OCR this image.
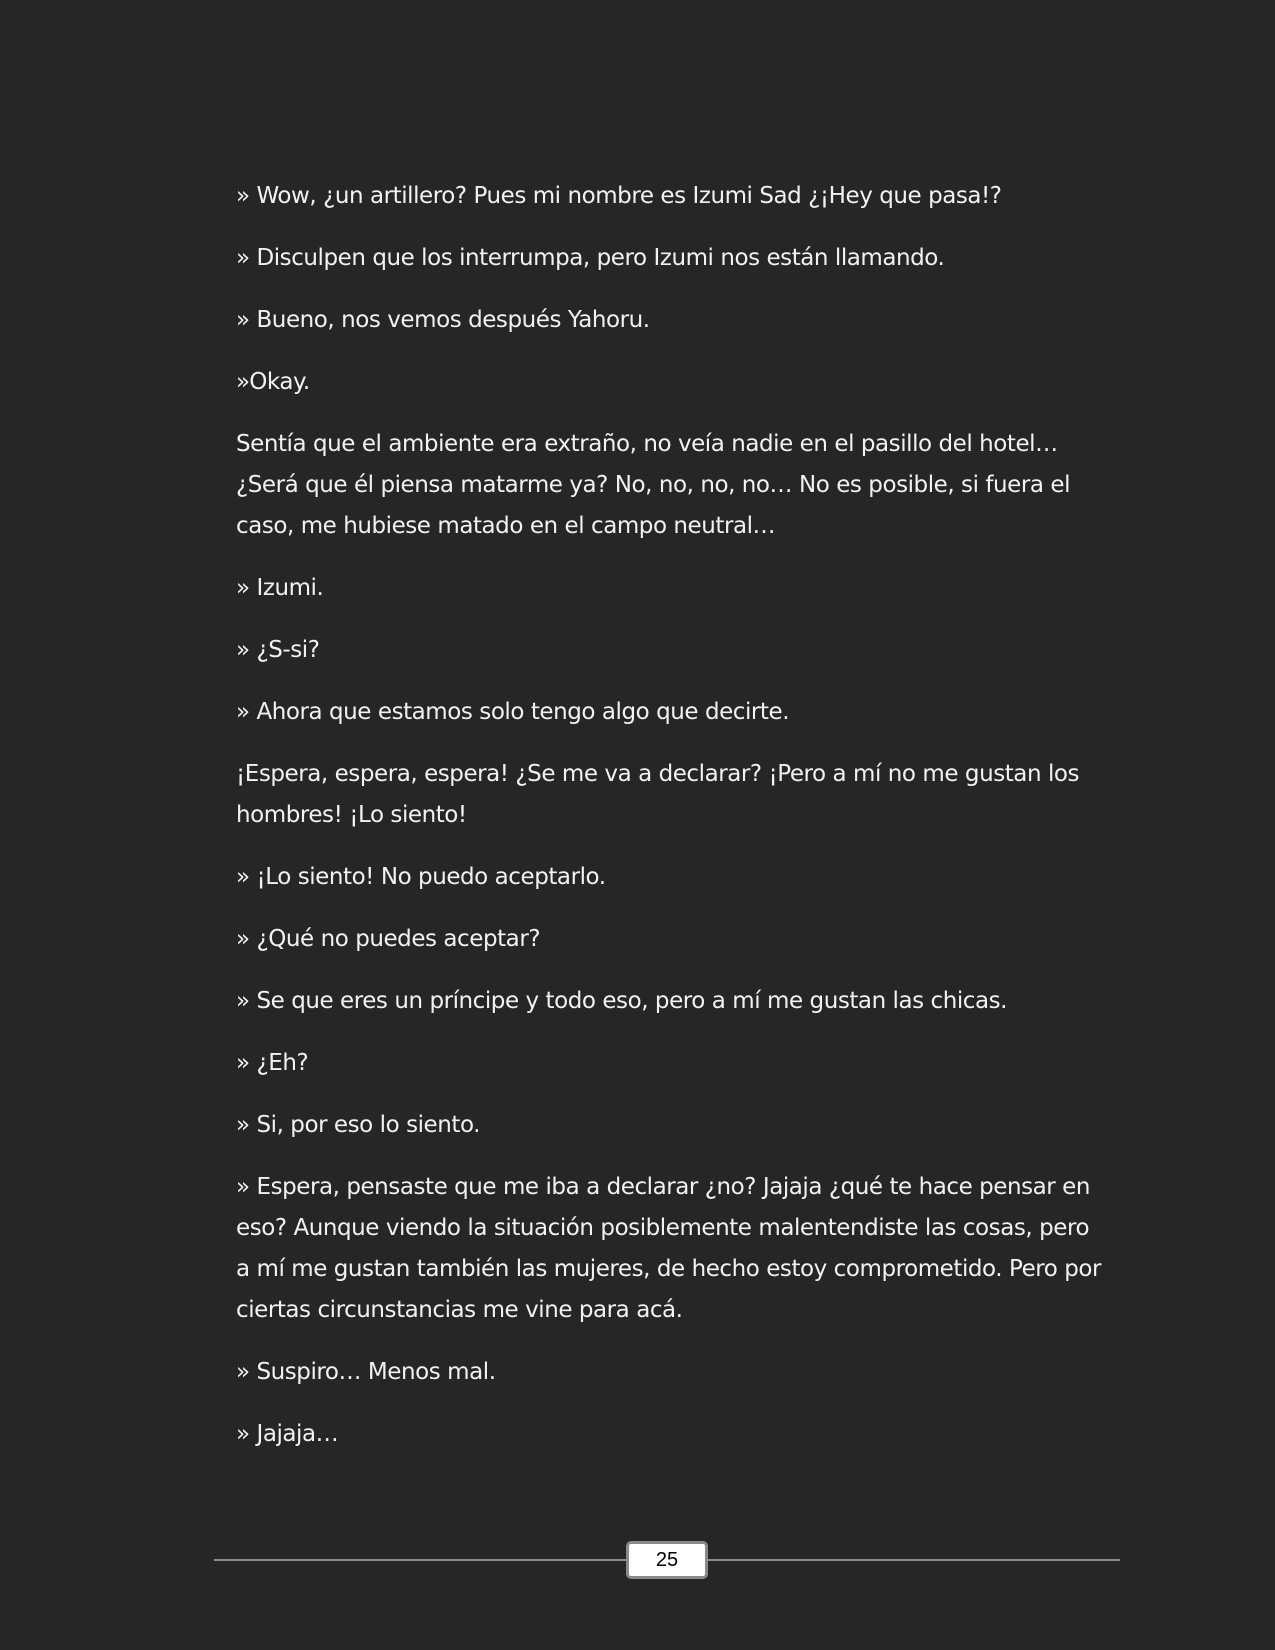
» Wow, ¿un artillero? Pues mi nombre es Izumi Sad ¿¡Hey que pasa!?

» Disculpen que los interrumpa, pero Izumi nos están llamando.

» Bueno, nos vemos después Yahoru.

»Okay.

Sentía que el ambiente era extraño, no veía nadie en el pasillo del hotel… ¿Será que él piensa matarme ya? No, no, no, no… No es posible, si fuera el caso, me hubiese matado en el campo neutral…

» Izumi.

» ¿S-si?

» Ahora que estamos solo tengo algo que decirte.

¡Espera, espera, espera! ¿Se me va a declarar? ¡Pero a mí no me gustan los hombres! ¡Lo siento!

» ¡Lo siento! No puedo aceptarlo.

» ¿Qué no puedes aceptar?

» Se que eres un príncipe y todo eso, pero a mí me gustan las chicas.

» ¿Eh?

» Si, por eso lo siento.

» Espera, pensaste que me iba a declarar ¿no? Jajaja ¿qué te hace pensar en eso? Aunque viendo la situación posiblemente malentendiste las cosas, pero a mí me gustan también las mujeres, de hecho estoy comprometido. Pero por ciertas circunstancias me vine para acá.

» Suspiro… Menos mal.

» Jajaja…

25
